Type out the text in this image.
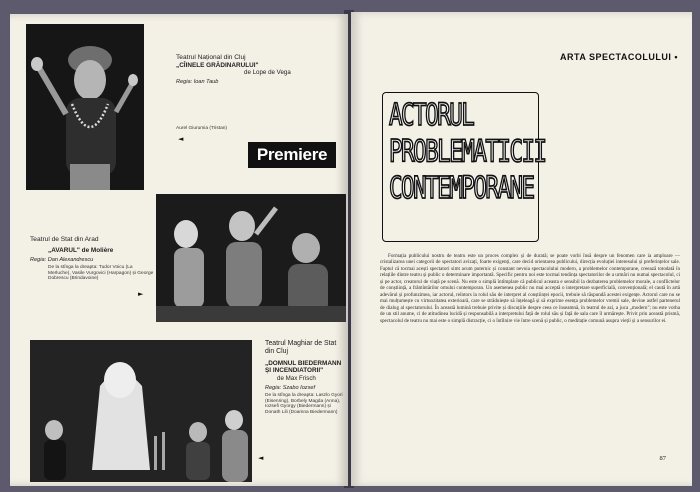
Teatrul Național din Cluj
„CÎINELE GRĂDINARULUI"
de Lope de Vega
Regia: Ioan Taub
Aurel Giurumia (Tristan)
◄
Premiere
Teatrul de Stat din Arad
„AVARUL" de Molière
Regia: Dan Alexandrescu
De la stînga la dreapta: Tudor Voicu (La Merluche), Vasile Vurgovici (Harpagon) și George Dobrescu (Brindavoine)
►
Teatrul Maghiar de Stat din Cluj
„DOMNUL BIEDERMANN ȘI INCENDIATORII"
de Max Frisch
Regia: Szabo Iozsef
De la stînga la dreapta: Laszlo Gyori (Eisenring), Borbely Magda (Anna), Iozsefi Gyorgy (Biedermann) și Donath Lili (Doamna Biedermann)
◄
ARTA SPECTACOLULUI •
ACTORUL
PROBLEMATICII
CONTEMPORANE
Formația publicului nostru de teatru este un proces complex și de durată; se poate vorbi însă despre un fenomen care ia amploare — cristalizarea unei categorii de spectatori avizați, foarte exigenți, care decid orientarea publicului, direcția evoluției interesului și preferințelor sale. Faptul că tocmai acești spectatori simt acum puternic și constant nevoia spectacolului modern, a problemelor contemporane, creează totodată în relațiile dintre teatru și public o determinare importantă. Specific pentru noi este tocmai tendința spectatorilor de a urmări nu numai spectacolul, ci și pe actor, creatorul de viață pe scenă. Nu este o simplă întîmplare că publicul aceasta e sensibil la dezbaterea problemelor morale, a conflictelor de conștiință, a frămîntărilor omului contemporan. Un asemenea public nu mai acceptă o interpretare superficială, convențională; el caută în artă adevărul și profunzimea, iar actorul, reîntors la rolul său de interpret al conștiinței epocii, trebuie să răspundă acestei exigențe. Actorul care nu se mai mulțumește cu virtuozitatea exterioară, care se străduiește să înțeleagă și să exprime esența problemelor vremii sale, devine astfel partenerul de dialog al spectatorului. În această lumină trebuie privite și discuțiile despre ceea ce înseamnă, în teatrul de azi, a juca „modern"; nu este vorba de un stil anume, ci de atitudinea lucidă și responsabilă a interpretului față de rolul său și față de sala care îl urmărește. Privit prin această prismă, spectacolul de teatru nu mai este o simplă distracție, ci o întîlnire vie între scenă și public, o meditație comună asupra vieții și a sensurilor ei.
87
